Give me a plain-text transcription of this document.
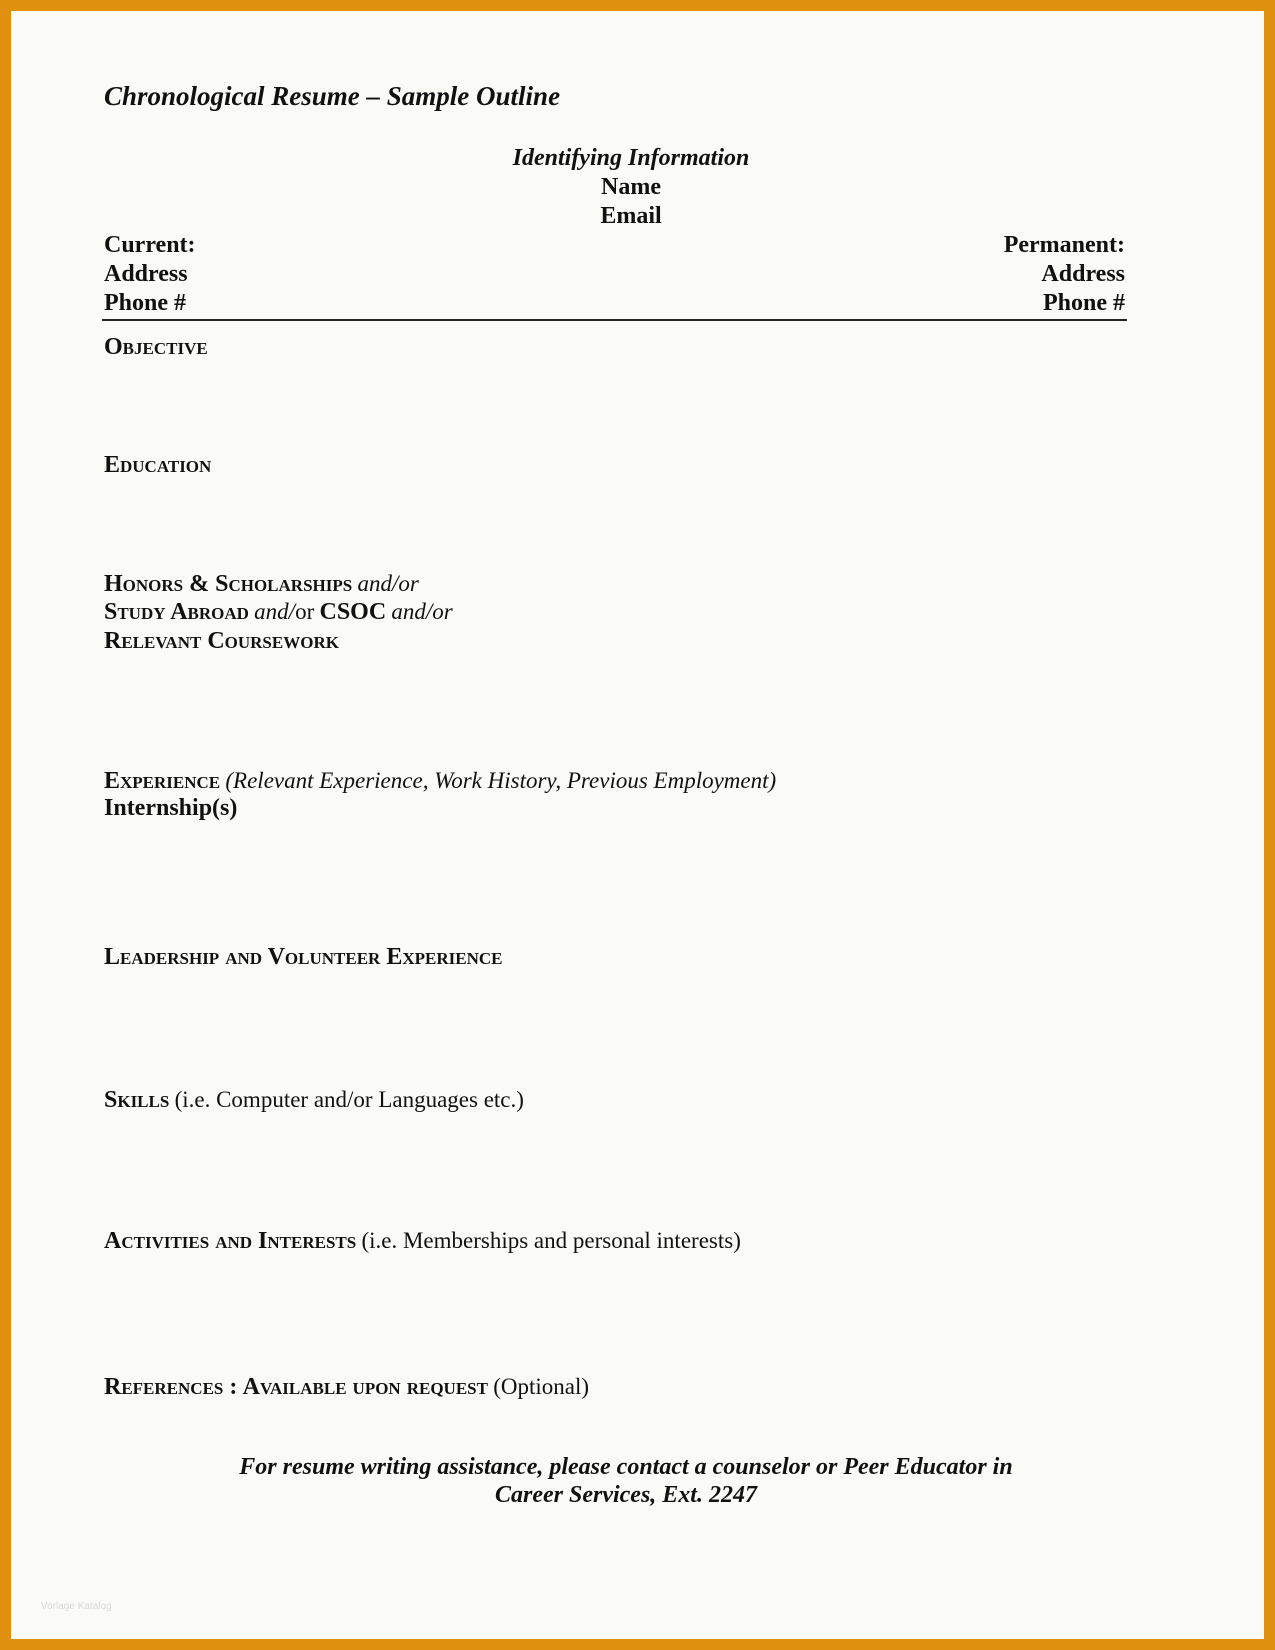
Chronological Resume – Sample Outline
Identifying Information
Name
Email
Current:
Address
Phone #
Permanent:
Address
Phone #
Objective
Education
Honors & Scholarships and/or
Study Abroad and/or CSOC and/or
Relevant Coursework
Experience (Relevant Experience, Work History, Previous Employment)
Internship(s)
Leadership and Volunteer Experience
Skills (i.e. Computer and/or Languages etc.)
Activities and Interests (i.e. Memberships and personal interests)
References : Available upon request (Optional)
For resume writing assistance, please contact a counselor or Peer Educator in
Career Services, Ext. 2247
Vorlage Katalog
